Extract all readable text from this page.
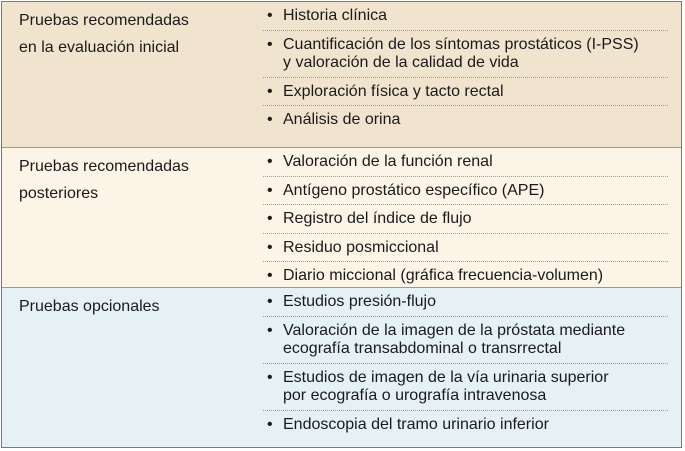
Pruebas recomendadas
en la evaluación inicial
• Historia clínica
• Cuantificación de los síntomas prostáticos (I-PSS)
y valoración de la calidad de vida
• Exploración física y tacto rectal
• Análisis de orina
Pruebas recomendadas
posteriores
• Valoración de la función renal
• Antígeno prostático específico (APE)
• Registro del índice de flujo
• Residuo posmiccional
• Diario miccional (gráfica frecuencia-volumen)
Pruebas opcionales	• Estudios presión-flujo
• Valoración de la imagen de la próstata mediante
ecografía transabdominal o transrrectal
• Estudios de imagen de la vía urinaria superior
por ecografía o urografía intravenosa
• Endoscopia del tramo urinario inferior
